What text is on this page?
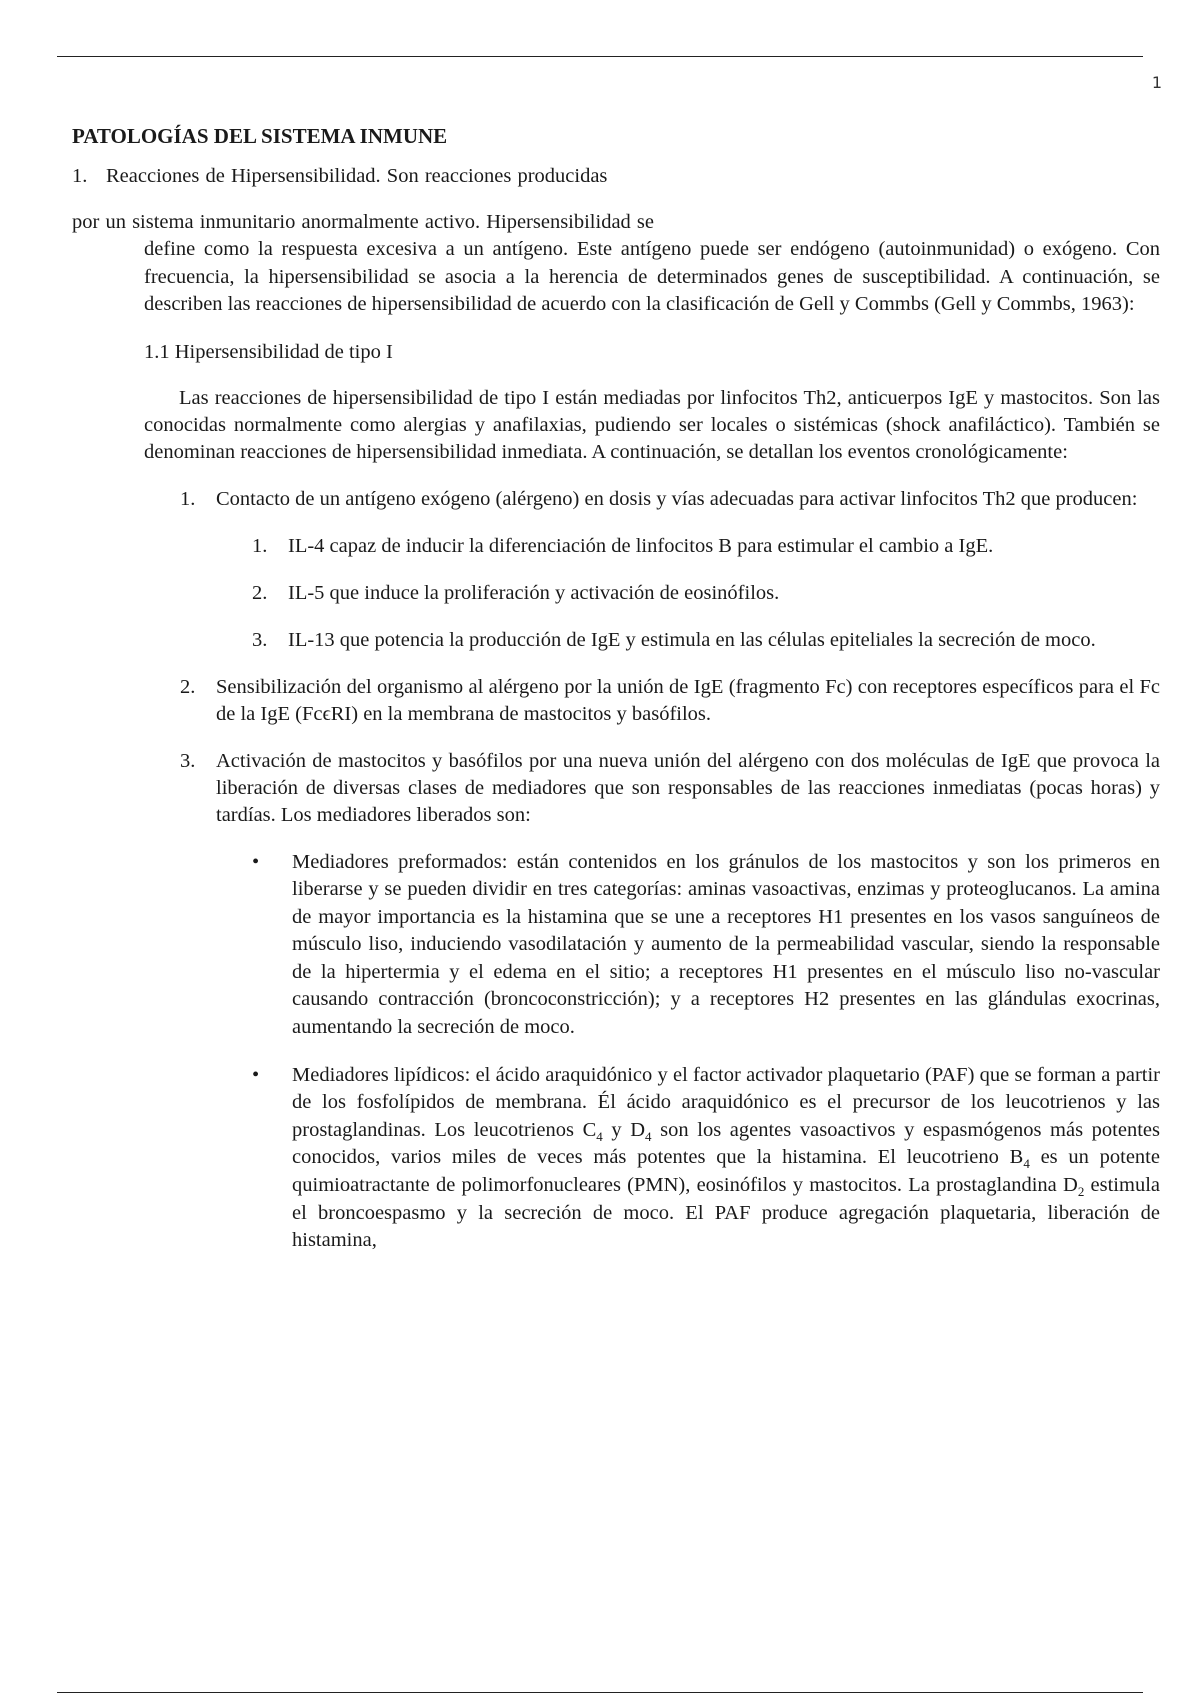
1
PATOLOGÍAS DEL SISTEMA INMUNE

1. Reacciones de Hipersensibilidad. Son reacciones producidas

por un sistema inmunitario anormalmente activo. Hipersensibilidad se

define como la respuesta excesiva a un antígeno. Este antígeno puede ser endógeno (autoinmunidad) o exógeno. Con frecuencia, la hipersensibilidad se asocia a la herencia de determinados genes de susceptibilidad. A continuación, se describen las reacciones de hipersensibilidad de acuerdo con la clasificación de Gell y Commbs (Gell y Commbs, 1963):

1.1 Hipersensibilidad de tipo I

Las reacciones de hipersensibilidad de tipo I están mediadas por linfocitos Th2, anticuerpos IgE y mastocitos. Son las conocidas normalmente como alergias y anafilaxias, pudiendo ser locales o sistémicas (shock anafiláctico). También se denominan reacciones de hipersensibilidad inmediata. A continuación, se detallan los eventos cronológicamente:

1. Contacto de un antígeno exógeno (alérgeno) en dosis y vías adecuadas para activar linfocitos Th2 que producen:
1. IL-4 capaz de inducir la diferenciación de linfocitos B para estimular el cambio a IgE.
2. IL-5 que induce la proliferación y activación de eosinófilos.
3. IL-13 que potencia la producción de IgE y estimula en las células epiteliales la secreción de moco.
2. Sensibilización del organismo al alérgeno por la unión de IgE (fragmento Fc) con receptores específicos para el Fc de la IgE (FcϵRI) en la membrana de mastocitos y basófilos.
3. Activación de mastocitos y basófilos por una nueva unión del alérgeno con dos moléculas de IgE que provoca la liberación de diversas clases de mediadores que son responsables de las reacciones inmediatas (pocas horas) y tardías. Los mediadores liberados son:
• Mediadores preformados: están contenidos en los gránulos de los mastocitos y son los primeros en liberarse y se pueden dividir en tres categorías: aminas vasoactivas, enzimas y proteoglucanos. La amina de mayor importancia es la histamina que se une a receptores H1 presentes en los vasos sanguíneos de músculo liso, induciendo vasodilatación y aumento de la permeabilidad vascular, siendo la responsable de la hipertermia y el edema en el sitio; a receptores H1 presentes en el músculo liso no-vascular causando contracción (broncoconstricción); y a receptores H2 presentes en las glándulas exocrinas, aumentando la secreción de moco.
• Mediadores lipídicos: el ácido araquidónico y el factor activador plaquetario (PAF) que se forman a partir de los fosfolípidos de membrana. Él ácido araquidónico es el precursor de los leucotrienos y las prostaglandinas. Los leucotrienos $C_4$ y $D_4$ son los agentes vasoactivos y espasmógenos más potentes conocidos, varios miles de veces más potentes que la histamina. El leucotrieno $B_4$ es un potente quimioatractante de polimorfonucleares (PMN), eosinófilos y mastocitos. La prostaglandina $D_2$ estimula el broncoespasmo y la secreción de moco. El PAF produce agregación plaquetaria, liberación de histamina,
